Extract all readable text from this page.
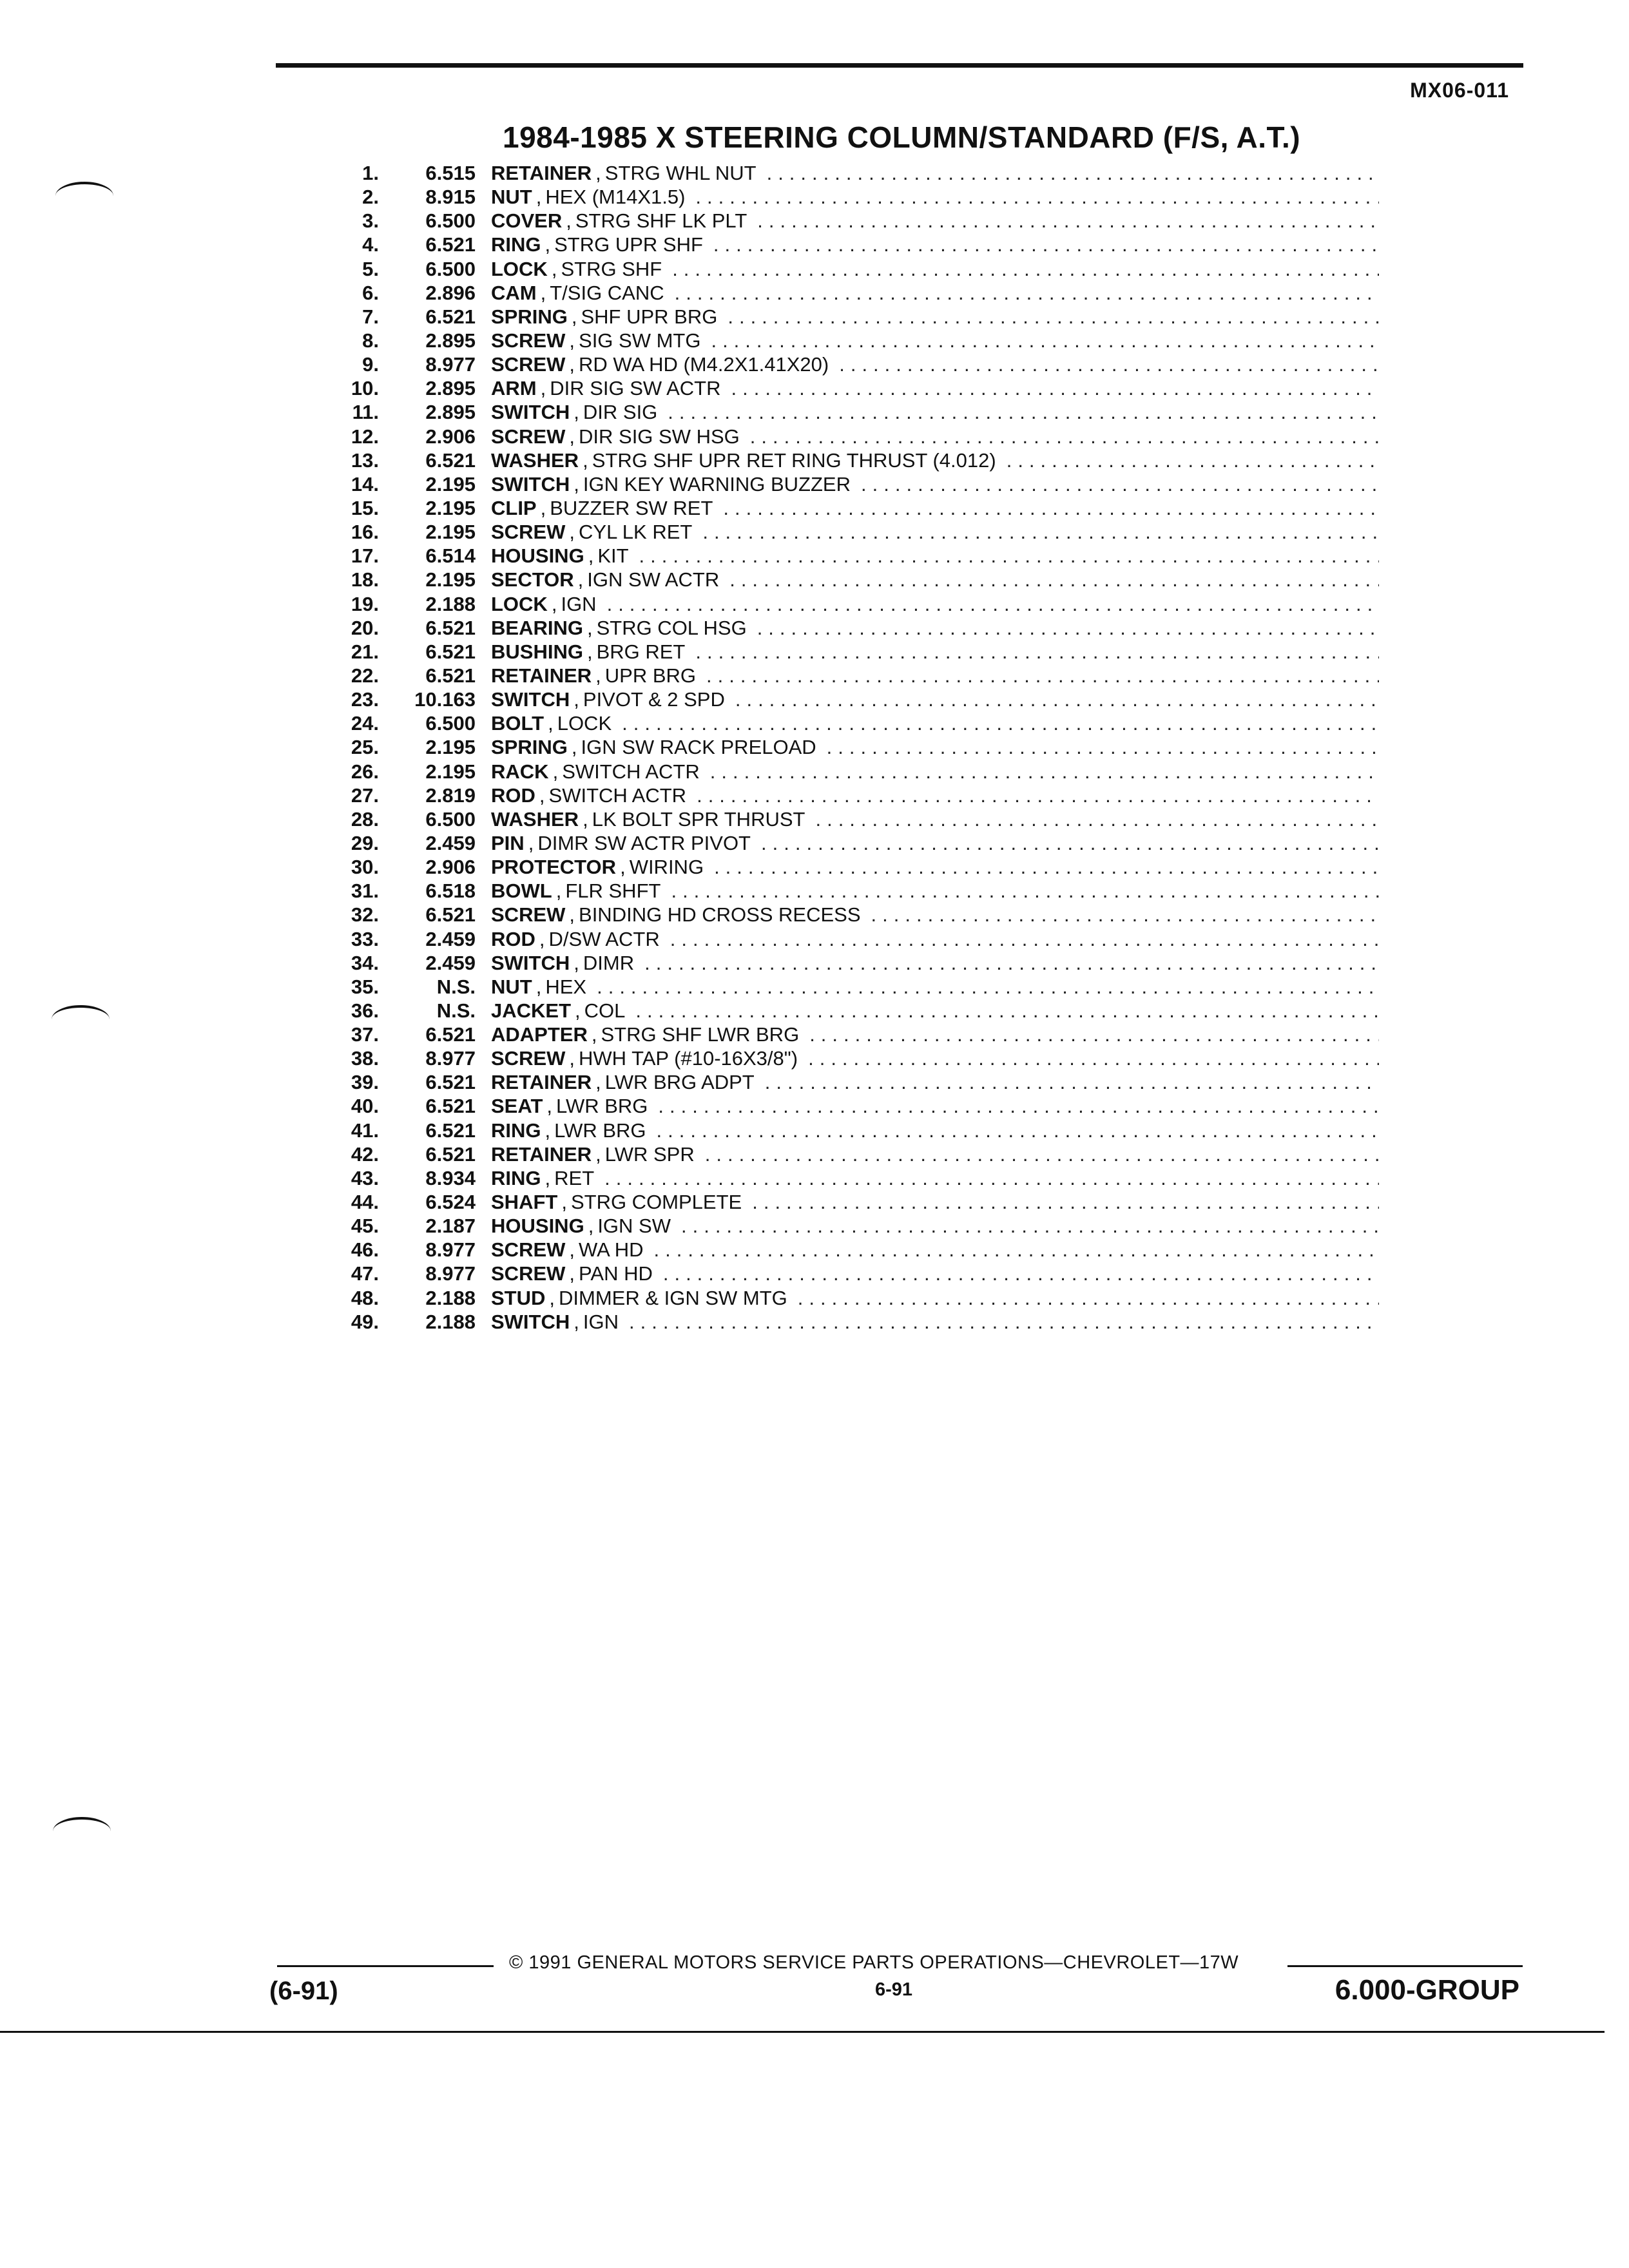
MX06-011
1984-1985 X STEERING COLUMN/STANDARD (F/S, A.T.)
1.	6.515 RETAINER , STRG WHL NUT
.....
2.	8.915 NUT , HEX (M14X1.5)
.....
3.	6.500 COVER , STRG SHF LK PLT
.....
4.	6.521 RING , STRG UPR SHF
.....
5.	6.500 LOCK , STRG SHF
.....
6.	2.896 CAM , T/SIG CANC
.....
7.	6.521 SPRING , SHF UPR BRG
.....
8.	2.895 SCREW , SIG SW MTG
.....
9.	8.977 SCREW , RD WA HD (M4.2X1.41X20)
.....
10.	2.895 ARM , DIR SIG SW ACTR
.....
11.	2.895 SWITCH , DIR SIG
.....
12.	2.906 SCREW , DIR SIG SW HSG
.....
13.	6.521 WASHER , STRG SHF UPR RET RING THRUST (4.012)
.....
14.	2.195 SWITCH , IGN KEY WARNING BUZZER
.....
15.	2.195 CLIP , BUZZER SW RET
.....
16.	2.195 SCREW , CYL LK RET
.....
17.	6.514 HOUSING , KIT
.....
18.	2.195 SECTOR , IGN SW ACTR
.....
19.	2.188 LOCK , IGN
.....
20.	6.521 BEARING , STRG COL HSG
.....
21.	6.521 BUSHING , BRG RET
.....
22.	6.521 RETAINER , UPR BRG
.....
23.	10.163 SWITCH , PIVOT & 2 SPD
.....
24.	6.500 BOLT , LOCK
.....
25.	2.195 SPRING , IGN SW RACK PRELOAD
.....
26.	2.195 RACK , SWITCH ACTR
.....
27.	2.819 ROD , SWITCH ACTR
.....
28.	6.500 WASHER , LK BOLT SPR THRUST
.....
29.	2.459 PIN , DIMR SW ACTR PIVOT
.....
30.	2.906 PROTECTOR , WIRING
.....
31.	6.518 BOWL , FLR SHFT
.....
32.	6.521 SCREW , BINDING HD CROSS RECESS
.....
33.	2.459 ROD , D/SW ACTR
.....
34.	2.459 SWITCH , DIMR
.....
35.	N.S. NUT , HEX
.....
36.	N.S. JACKET , COL
.....
37.	6.521 ADAPTER , STRG SHF LWR BRG
.....
38.	8.977 SCREW , HWH TAP (#10-16X3/8")
.....
39.	6.521 RETAINER , LWR BRG ADPT
.....
40.	6.521 SEAT , LWR BRG
.....
41.	6.521 RING , LWR BRG
.....
42.	6.521 RETAINER , LWR SPR
.....
43.	8.934 RING , RET
.....
44.	6.524 SHAFT , STRG COMPLETE
.....
45.	2.187 HOUSING , IGN SW
.....
46.	8.977 SCREW , WA HD
.....
47.	8.977 SCREW , PAN HD
.....
48.	2.188 STUD , DIMMER & IGN SW MTG
.....
49.	2.188 SWITCH , IGN
.....
© 1991 GENERAL MOTORS SERVICE PARTS OPERATIONS—CHEVROLET—17W
(6-91)	6-91	6.000-GROUP
